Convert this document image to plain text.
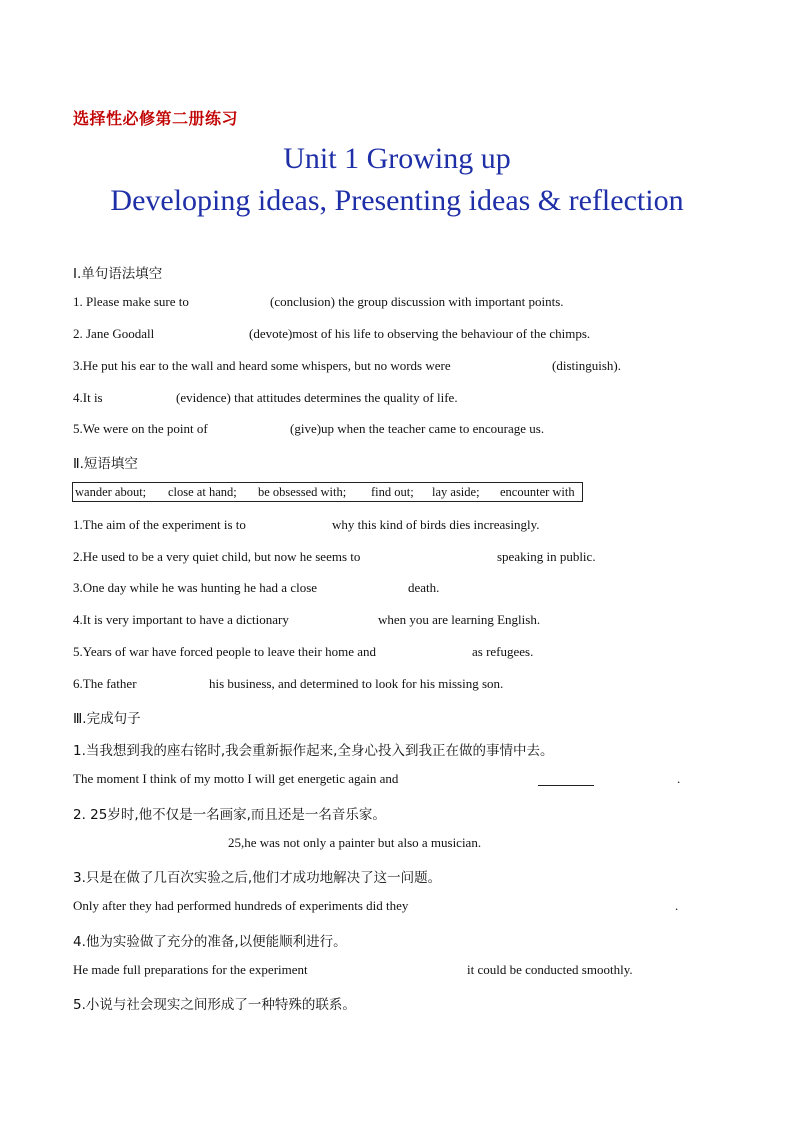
选择性必修第二册练习
Unit 1 Growing up
Developing ideas, Presenting ideas & reflection
Ⅰ.单句语法填空
1. Please make sure to	(conclusion) the group discussion with important points.
2. Jane Goodall	(devote)most of his life to observing the behaviour of the chimps.
3.He put his ear to the wall and heard some whispers, but no words were	(distinguish).
4.It is	(evidence) that attitudes determines the quality of life.
5.We were on the point of	(give)up when the teacher came to encourage us.
Ⅱ.短语填空
wander about; close at hand; be obsessed with; find out; lay aside; encounter with
1.The aim of the experiment is to	why this kind of birds dies increasingly.
2.He used to be a very quiet child, but now he seems to	speaking in public.
3.One day while he was hunting he had a close	death.
4.It is very important to have a dictionary	when you are learning English.
5.Years of war have forced people to leave their home and	as refugees.
6.The father	his business, and determined to look for his missing son.
Ⅲ.完成句子
1.当我想到我的座右铭时,我会重新振作起来,全身心投入到我正在做的事情中去。
The moment I think of my motto I will get energetic again and	.
2. 25岁时,他不仅是一名画家,而且还是一名音乐家。
25,he was not only a painter but also a musician.
3.只是在做了几百次实验之后,他们才成功地解决了这一问题。
Only after they had performed hundreds of experiments did they	.
4.他为实验做了充分的准备,以便能顺利进行。
He made full preparations for the experiment	it could be conducted smoothly.
5.小说与社会现实之间形成了一种特殊的联系。
